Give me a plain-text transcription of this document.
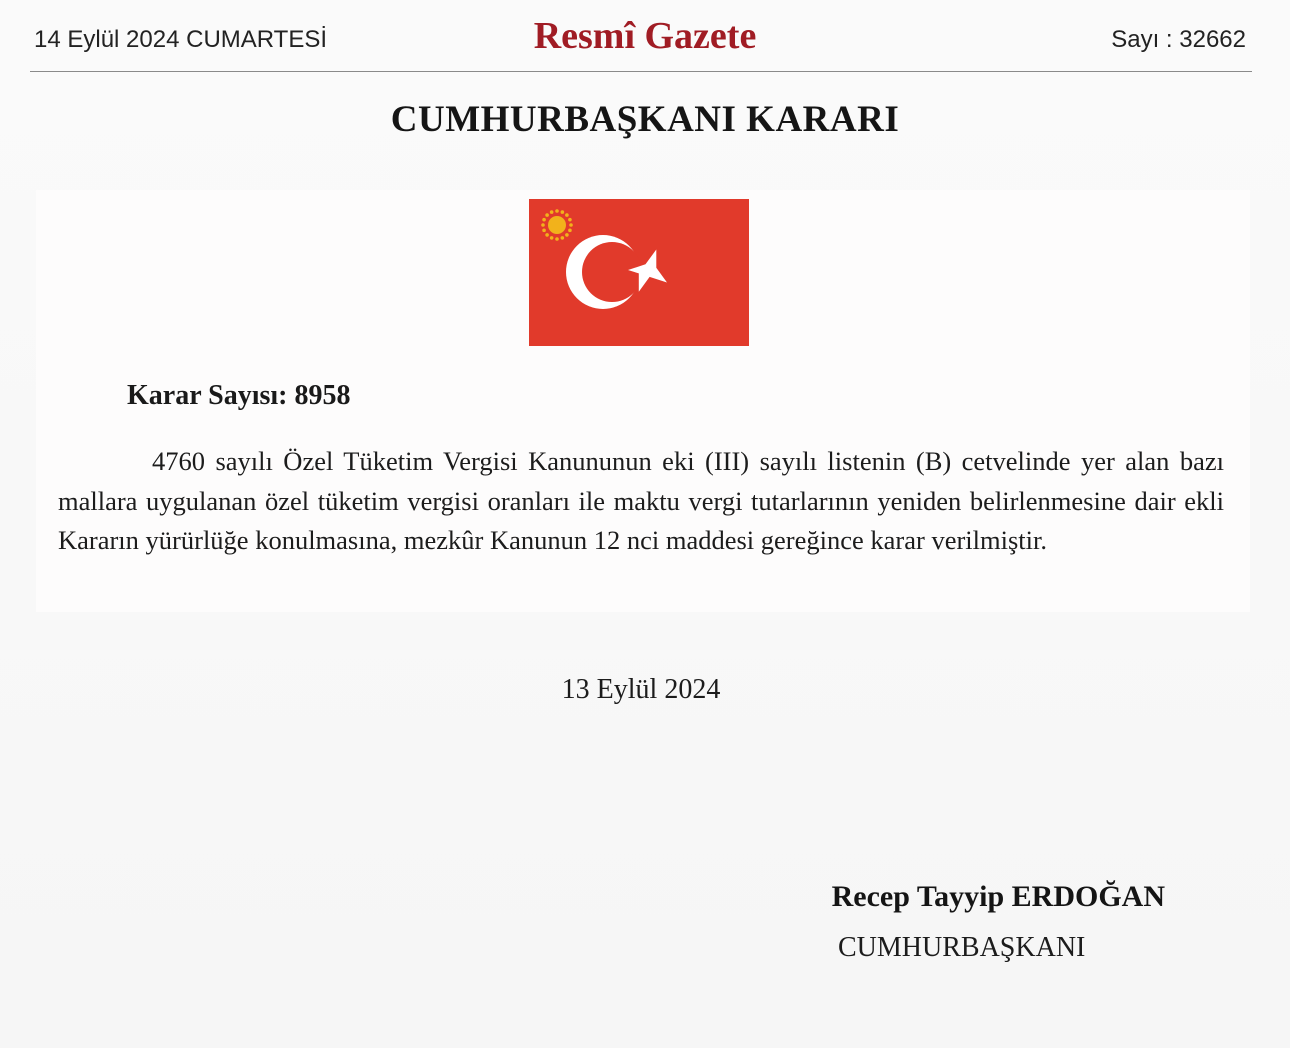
14 Eylül 2024 CUMARTESİ	Resmî Gazete	Sayı : 32662
CUMHURBAŞKANI KARARI
Karar Sayısı: 8958
4760 sayılı Özel Tüketim Vergisi Kanununun eki (III) sayılı listenin (B) cetvelinde yer alan bazı mallara uygulanan özel tüketim vergisi oranları ile maktu vergi tutarlarının yeniden belirlenmesine dair ekli Kararın yürürlüğe konulmasına, mezkûr Kanunun 12 nci maddesi gereğince karar verilmiştir.
13 Eylül 2024
Recep Tayyip ERDOĞAN
CUMHURBAŞKANI
